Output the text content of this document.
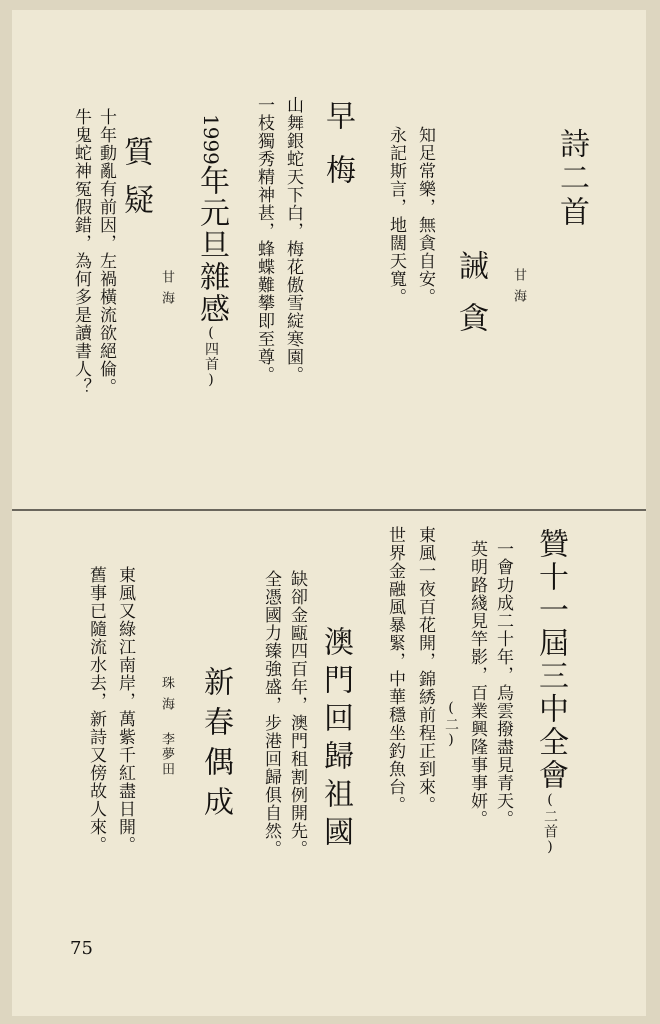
詩二首
甘海
誡貪
知足常樂，無貪自安。
永記斯言，地闊天寬。
早梅
山舞銀蛇天下白，梅花傲雪綻寒園。
一枝獨秀精神甚，蜂蝶難攀即至尊。
1999年元旦雜感(四首)
甘海
質疑
十年動亂有前因，左禍橫流欲絕倫。
牛鬼蛇神冤假錯，為何多是讀書人？
贊十一屆三中全會(二首)
一會功成二十年，烏雲撥盡見青天。
英明路綫見竿影，百業興隆事事妍。
(二)
東風一夜百花開，錦綉前程正到來。
世界金融風暴緊，中華穩坐釣魚台。
澳門回歸祖國
缺卻金甌四百年，澳門租割例開先。
全憑國力臻強盛，步港回歸俱自然。
新春偶成
珠海
李夢田
東風又綠江南岸，萬紫千紅盡日開。
舊事已隨流水去，新詩又傍故人來。
75
